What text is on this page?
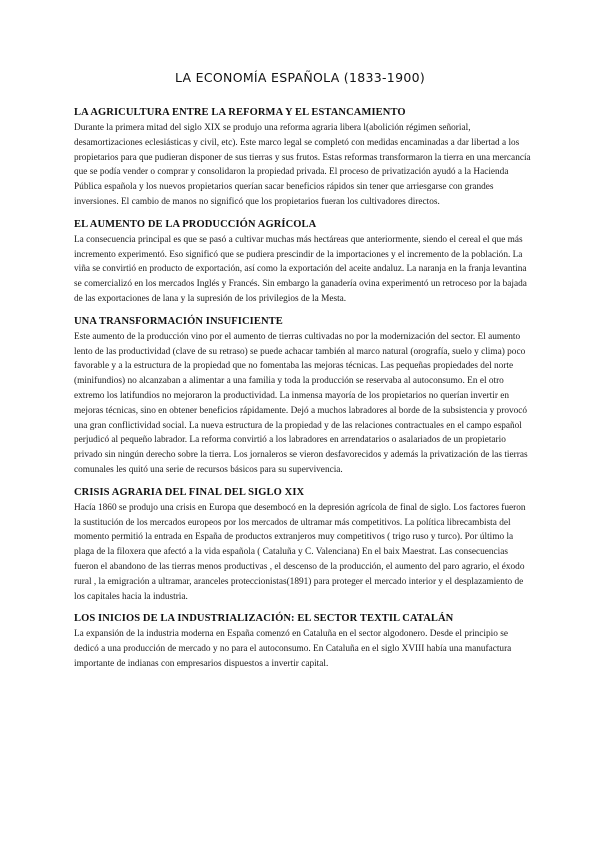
LA ECONOMÍA ESPAÑOLA (1833-1900)
LA AGRICULTURA ENTRE LA REFORMA Y EL ESTANCAMIENTO

Durante la primera mitad del siglo XIX se produjo una reforma agraria libera l(abolición régimen señorial, desamortizaciones eclesiásticas y civil, etc). Este marco legal se completó con medidas encaminadas a dar libertad a los propietarios para que pudieran disponer de sus tierras y sus frutos. Estas reformas transformaron la tierra en una mercancía que se podía vender o comprar y consolidaron la propiedad privada. El proceso de privatización ayudó a la Hacienda Pública española y los nuevos propietarios querían sacar beneficios rápidos sin tener que arriesgarse con grandes inversiones. El cambio de manos no significó que los propietarios fueran los cultivadores directos.

EL AUMENTO DE LA PRODUCCIÓN AGRÍCOLA

La consecuencia principal es que se pasó a cultivar muchas más hectáreas que anteriormente, siendo el cereal el que más incremento experimentó. Eso significó que se pudiera prescindir de la importaciones y el incremento de la población. La viña se convirtió en producto de exportación, así como la exportación del aceite andaluz. La naranja en la franja levantina se comercializó en los mercados Inglés y Francés. Sin embargo la ganadería ovina experimentó un retroceso por la bajada de las exportaciones de lana y la supresión de los privilegios de la Mesta.

UNA TRANSFORMACIÓN INSUFICIENTE

Este aumento de la producción vino por el aumento de tierras cultivadas no por la modernización del sector. El aumento lento de las productividad (clave de su retraso) se puede achacar también al marco natural (orografía, suelo y clima) poco favorable y a la estructura de la propiedad que no fomentaba las mejoras técnicas. Las pequeñas propiedades del norte (minifundios) no alcanzaban a alimentar a una familia y toda la producción se reservaba al autoconsumo. En el otro extremo los latifundios no mejoraron la productividad. La inmensa mayoría de los propietarios no querían invertir en mejoras técnicas, sino en obtener beneficios rápidamente. Dejó a muchos labradores al borde de la subsistencia y provocó una gran conflictividad social. La nueva estructura de la propiedad y de las relaciones contractuales en el campo español perjudicó al pequeño labrador. La reforma convirtió a los labradores en arrendatarios o asalariados de un propietario privado sin ningún derecho sobre la tierra. Los jornaleros se vieron desfavorecidos y además la privatización de las tierras comunales les quitó una serie de recursos básicos para su supervivencia.

CRISIS AGRARIA DEL FINAL DEL SIGLO XIX

Hacía 1860 se produjo una crisis en Europa que desembocó en la depresión agrícola de final de siglo. Los factores fueron la sustitución de los mercados europeos por los mercados de ultramar más competitivos. La política librecambista del momento permitió la entrada en España de productos extranjeros muy competitivos ( trigo ruso y turco). Por último la plaga de la filoxera que afectó a la vida española ( Cataluña y C. Valenciana) En el baix Maestrat. Las consecuencias fueron el abandono de las tierras menos productivas , el descenso de la producción, el aumento del paro agrario, el éxodo rural , la emigración a ultramar, aranceles proteccionistas(1891) para proteger el mercado interior y el desplazamiento de los capitales hacia la industria.

LOS INICIOS DE LA INDUSTRIALIZACIÓN: EL SECTOR TEXTIL CATALÁN

La expansión de la industria moderna en España comenzó en Cataluña en el sector algodonero. Desde el principio se dedicó a una producción de mercado y no para el autoconsumo. En Cataluña en el siglo XVIII había una manufactura importante de indianas con empresarios dispuestos a invertir capital.
